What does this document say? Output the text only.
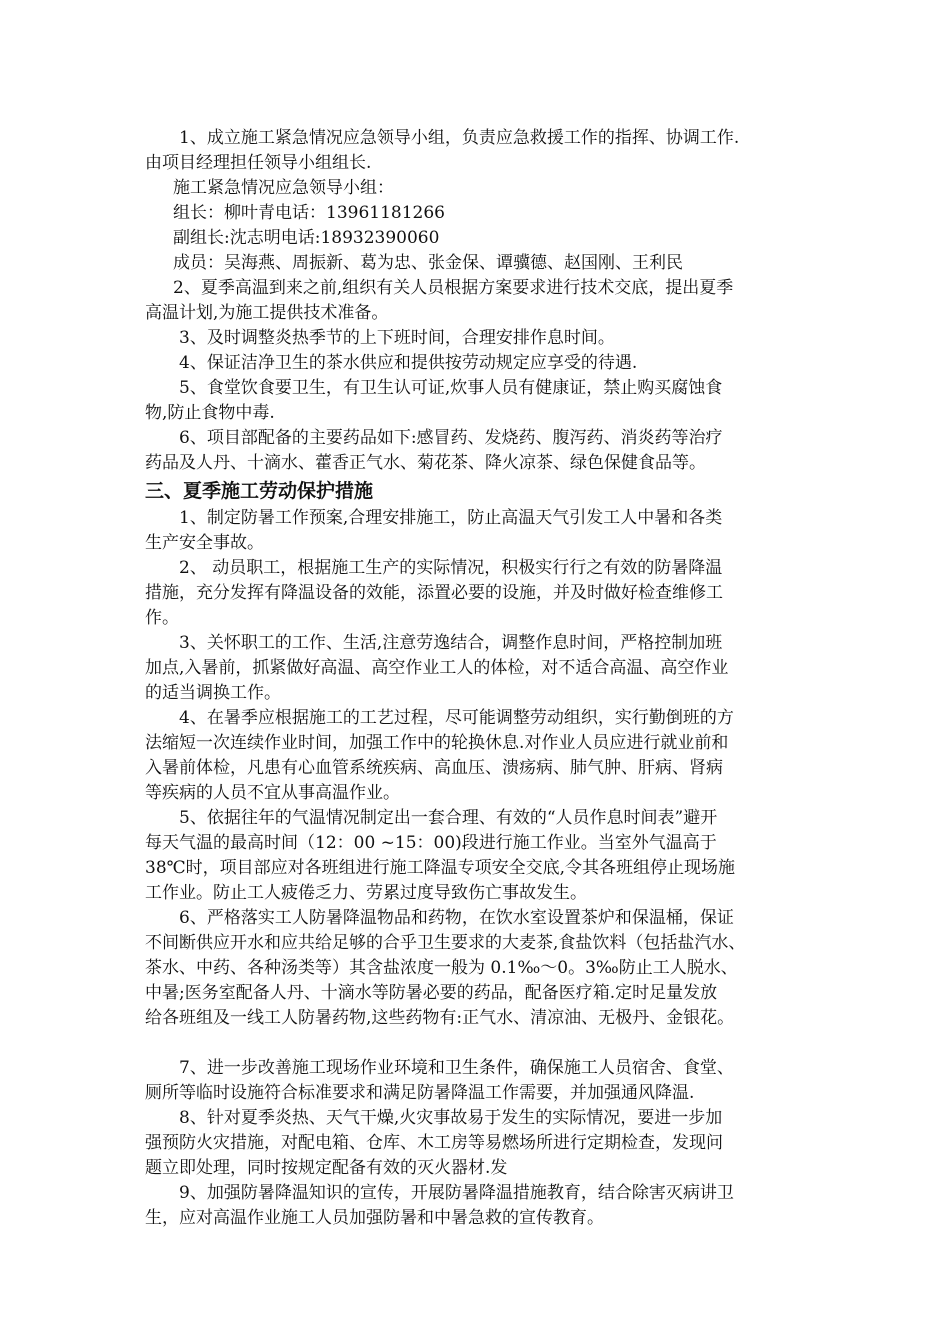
1、成立施工紧急情况应急领导小组，负责应急救援工作的指挥、协调工作.
由项目经理担任领导小组组长.
施工紧急情况应急领导小组：
组长：柳叶青电话：13961181266
副组长:沈志明电话:18932390060
成员：吴海燕、周振新、葛为忠、张金保、谭骥德、赵国刚、王利民
2、夏季高温到来之前,组织有关人员根据方案要求进行技术交底，提出夏季
高温计划,为施工提供技术准备。
3、及时调整炎热季节的上下班时间，合理安排作息时间。
4、保证洁净卫生的茶水供应和提供按劳动规定应享受的待遇.
5、食堂饮食要卫生，有卫生认可证,炊事人员有健康证，禁止购买腐蚀食
物,防止食物中毒.
6、项目部配备的主要药品如下:感冒药、发烧药、腹泻药、消炎药等治疗
药品及人丹、十滴水、藿香正气水、菊花茶、降火凉茶、绿色保健食品等。
三、夏季施工劳动保护措施
1、制定防暑工作预案,合理安排施工，防止高温天气引发工人中暑和各类
生产安全事故。
2、 动员职工，根据施工生产的实际情况，积极实行行之有效的防暑降温
措施，充分发挥有降温设备的效能，添置必要的设施，并及时做好检查维修工
作。
3、关怀职工的工作、生活,注意劳逸结合，调整作息时间，严格控制加班
加点,入暑前，抓紧做好高温、高空作业工人的体检，对不适合高温、高空作业
的适当调换工作。
4、在暑季应根据施工的工艺过程，尽可能调整劳动组织，实行勤倒班的方
法缩短一次连续作业时间，加强工作中的轮换休息.对作业人员应进行就业前和
入暑前体检，凡患有心血管系统疾病、高血压、溃疡病、肺气肿、肝病、肾病
等疾病的人员不宜从事高温作业。
5、依据往年的气温情况制定出一套合理、有效的“人员作息时间表”避开
每天气温的最高时间（12：00 ~15：00)段进行施工作业。当室外气温高于
38℃时，项目部应对各班组进行施工降温专项安全交底,令其各班组停止现场施
工作业。防止工人疲倦乏力、劳累过度导致伤亡事故发生。
6、严格落实工人防暑降温物品和药物，在饮水室设置茶炉和保温桶，保证
不间断供应开水和应共给足够的合乎卫生要求的大麦茶,食盐饮料（包括盐汽水、
茶水、中药、各种汤类等）其含盐浓度一般为 0.1‰～0。3‰防止工人脱水、
中暑;医务室配备人丹、十滴水等防暑必要的药品，配备医疗箱.定时足量发放
给各班组及一线工人防暑药物,这些药物有:正气水、清凉油、无极丹、金银花。
7、进一步改善施工现场作业环境和卫生条件，确保施工人员宿舍、食堂、
厕所等临时设施符合标准要求和满足防暑降温工作需要，并加强通风降温.
8、针对夏季炎热、天气干燥,火灾事故易于发生的实际情况，要进一步加
强预防火灾措施，对配电箱、仓库、木工房等易燃场所进行定期检查，发现问
题立即处理，同时按规定配备有效的灭火器材.发
9、加强防暑降温知识的宣传，开展防暑降温措施教育，结合除害灭病讲卫
生，应对高温作业施工人员加强防暑和中暑急救的宣传教育。
